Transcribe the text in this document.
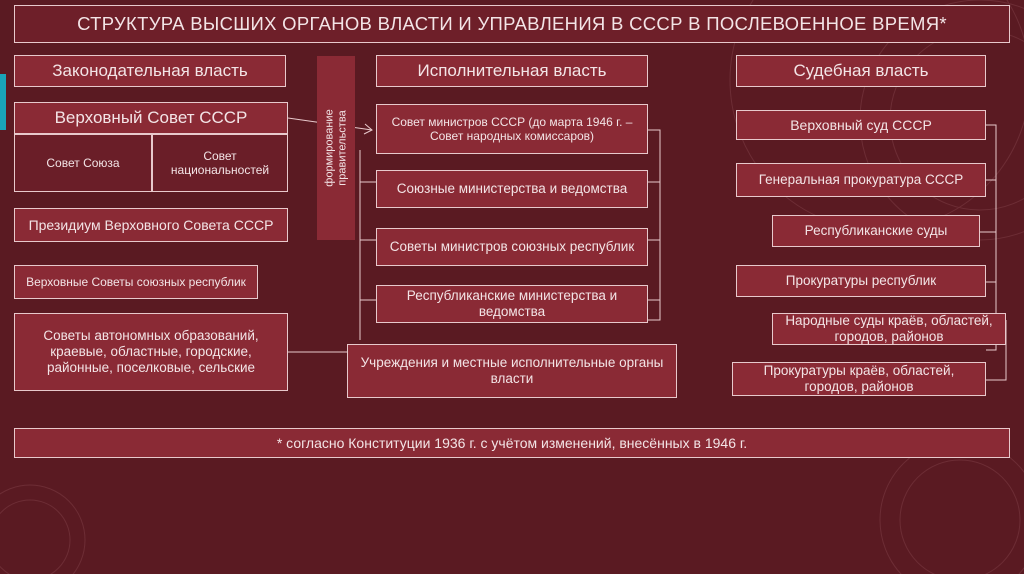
СТРУКТУРА ВЫСШИХ ОРГАНОВ ВЛАСТИ И УПРАВЛЕНИЯ В СССР В ПОСЛЕВОЕННОЕ ВРЕМЯ*
Законодательная власть
Верховный Совет СССР
Совет Союза
Совет национальностей
Президиум Верховного Совета СССР
Верховные Советы союзных республик
Советы автономных образований, краевые, областные, городские, районные, поселковые, сельские
формирование правительства
Исполнительная власть
Совет министров СССР (до марта 1946 г. – Совет народных комиссаров)
Союзные министерства и ведомства
Советы министров союзных республик
Республиканские министерства и ведомства
Учреждения и местные исполнительные органы власти
Судебная власть
Верховный суд СССР
Генеральная прокуратура СССР
Республиканские суды
Прокуратуры республик
Народные суды краёв, областей, городов, районов
Прокуратуры краёв, областей, городов, районов
* согласно Конституции 1936 г. с учётом изменений, внесённых в 1946 г.
